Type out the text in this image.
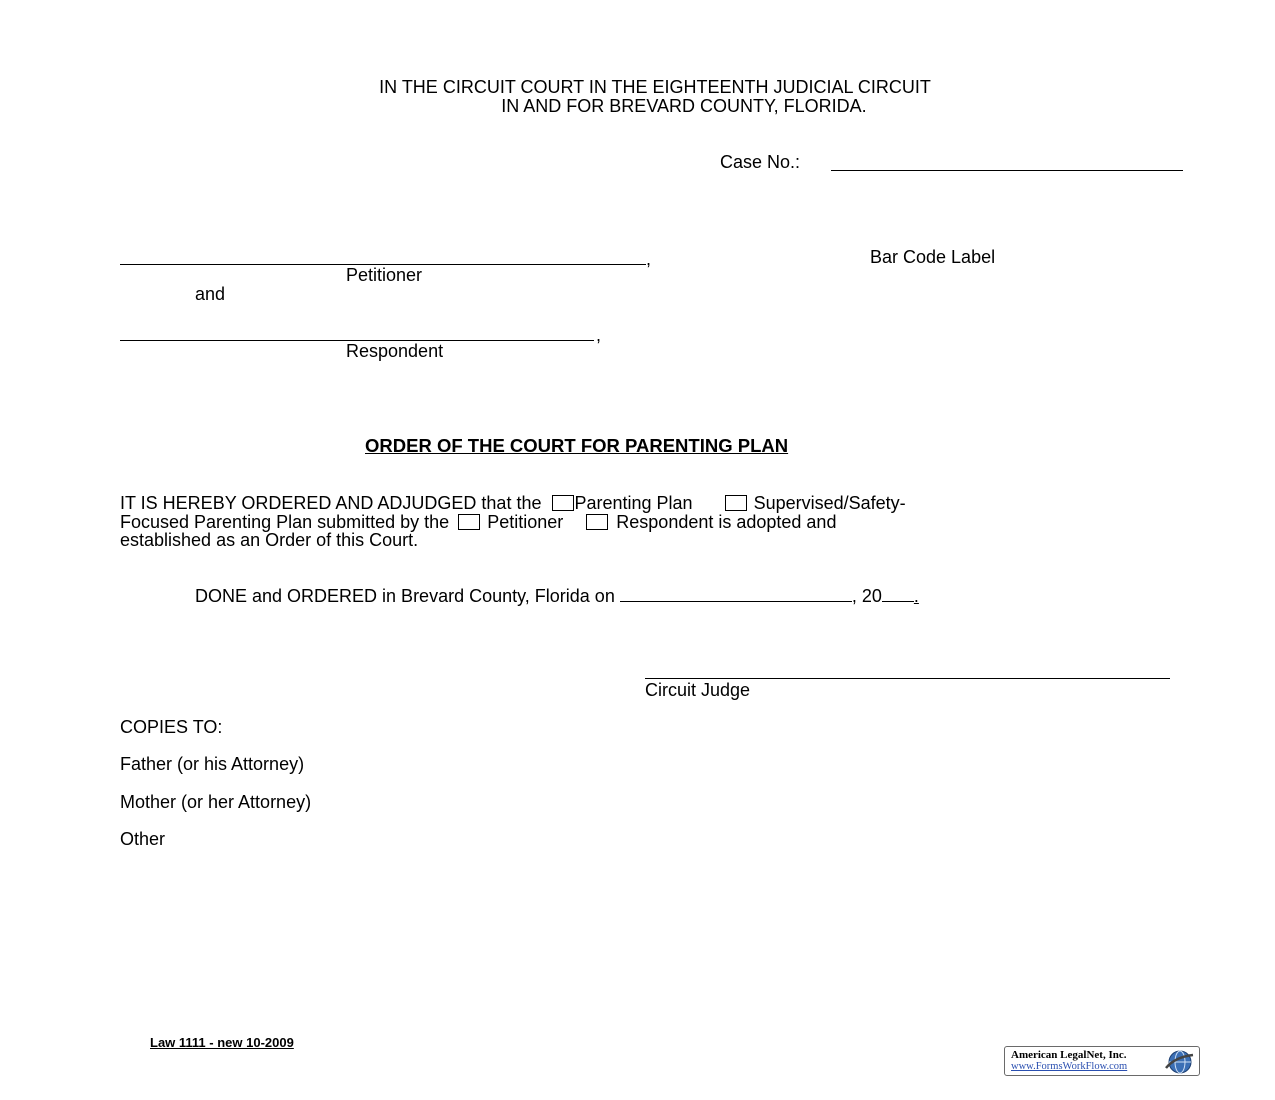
IN THE CIRCUIT COURT IN THE EIGHTEENTH JUDICIAL CIRCUIT
IN AND FOR BREVARD COUNTY, FLORIDA.
Case No.:
,
Petitioner
Bar Code Label
and
,
Respondent
ORDER OF THE COURT FOR PARENTING PLAN

IT IS HEREBY ORDERED AND ADJUDGED that the Parenting Plan	Supervised/Safety-

Focused Parenting Plan submitted by the Petitioner	Respondent is adopted and

established as an Order of this Court.

DONE and ORDERED in Brevard County, Florida on	, 20 .
Circuit Judge
COPIES TO:
Father (or his Attorney)
Mother (or her Attorney)
Other
Law 1111 - new 10-2009
American LegalNet, Inc.
www.FormsWorkFlow.com
